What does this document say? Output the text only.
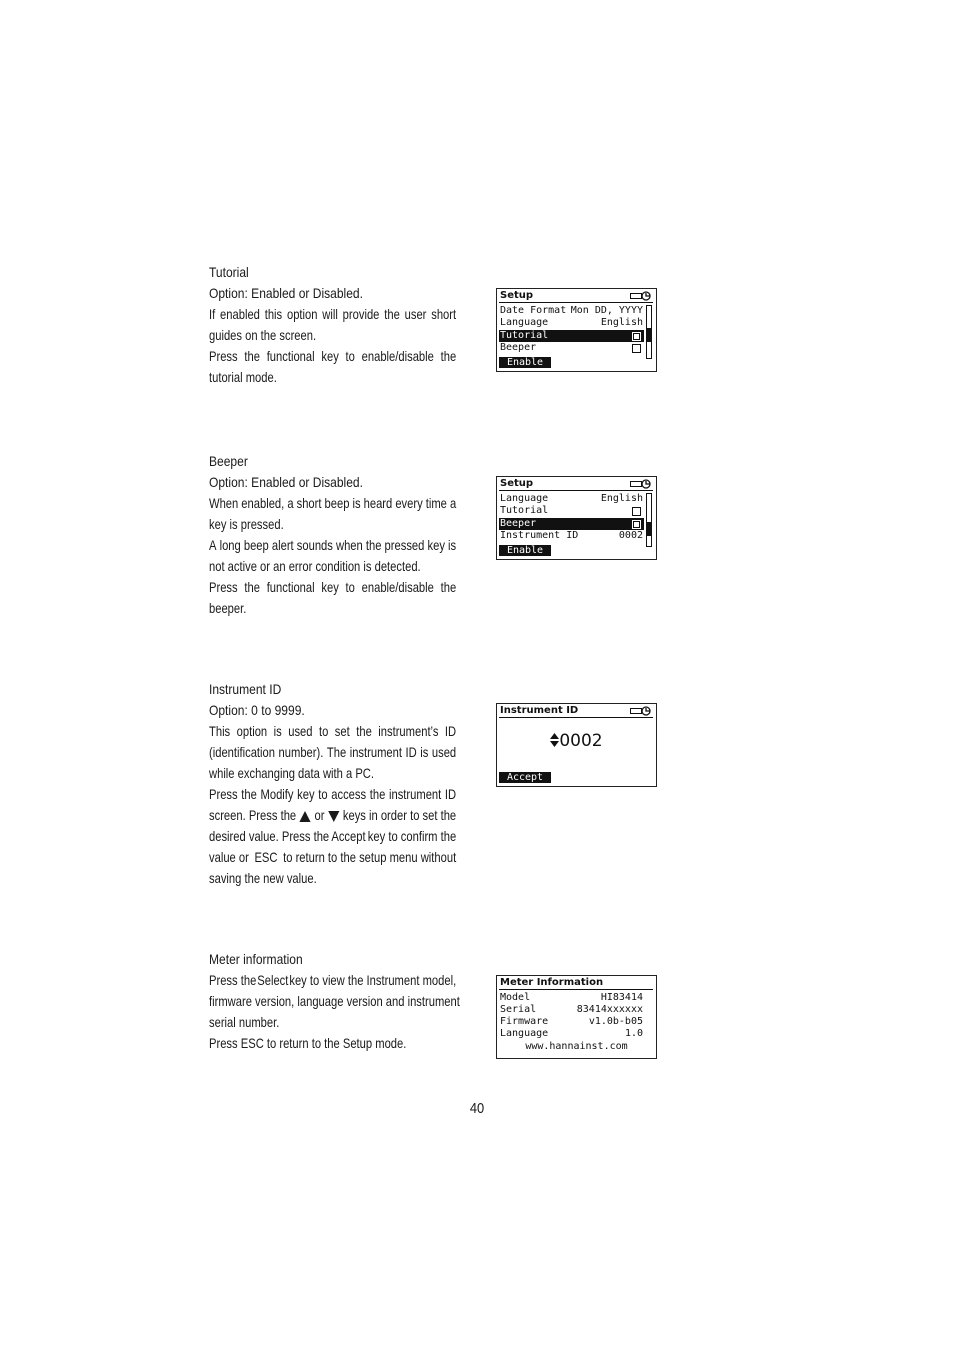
Tutorial
Option: Enabled or Disabled.
If enabled this option will provide the user short
guides on the screen.
Press the functional key to enable/disable the
tutorial mode.
Setup
Date Format Mon DD, YYYY
Language	English
Tutorial
Beeper
Enable
Beeper
Option: Enabled or Disabled.
When enabled, a short beep is heard every time a
key is pressed.
A long beep alert sounds when the pressed key is
not active or an error condition is detected.
Press the functional key to enable/disable the
beeper.
Setup
Language	English
Tutorial
Beeper
Instrument ID	0002
Enable
Instrument ID
Option: 0 to 9999.
This option is used to set the instrument’s ID
(identification number). The instrument ID is used
while exchanging data with a PC.
Press the Modify key to access the instrument ID
screen. Press the or keys in order to set the
desired value. Press the Accept key to confirm the
value or ESC to return to the setup menu without
saving the new value.
Instrument ID
0002
Accept
Meter information
Press the Select key to view the Instrument model,
firmware version, language version and instrument
serial number.
Press ESC to return to the Setup mode.
Meter Information
Model	HI83414
Serial	83414xxxxxx
Firmware	v1.0b-b05
Language	1.0
www.hannainst.com
40
